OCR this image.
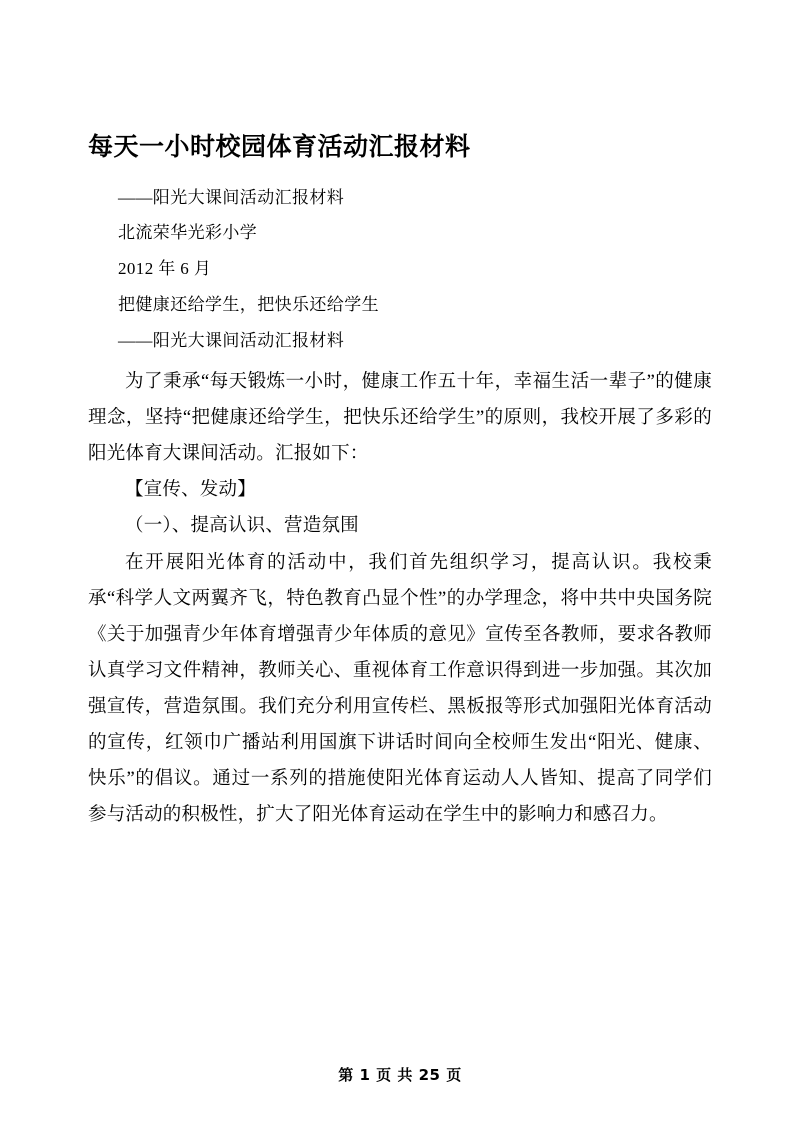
每天一小时校园体育活动汇报材料

——阳光大课间活动汇报材料

北流荣华光彩小学

2012 年 6 月

把健康还给学生，把快乐还给学生

——阳光大课间活动汇报材料

为了秉承“每天锻炼一小时，健康工作五十年，幸福生活一辈子”的健康理念，坚持“把健康还给学生，把快乐还给学生”的原则，我校开展了多彩的阳光体育大课间活动。汇报如下：

【宣传、发动】

（一）、提高认识、营造氛围

在开展阳光体育的活动中，我们首先组织学习，提高认识。我校秉承“科学人文两翼齐飞，特色教育凸显个性”的办学理念，将中共中央国务院《关于加强青少年体育增强青少年体质的意见》宣传至各教师，要求各教师认真学习文件精神，教师关心、重视体育工作意识得到进一步加强。其次加强宣传，营造氛围。我们充分利用宣传栏、黑板报等形式加强阳光体育活动的宣传，红领巾广播站利用国旗下讲话时间向全校师生发出“阳光、健康、快乐”的倡议。通过一系列的措施使阳光体育运动人人皆知、提高了同学们参与活动的积极性，扩大了阳光体育运动在学生中的影响力和感召力。

第 1 页 共 25 页
